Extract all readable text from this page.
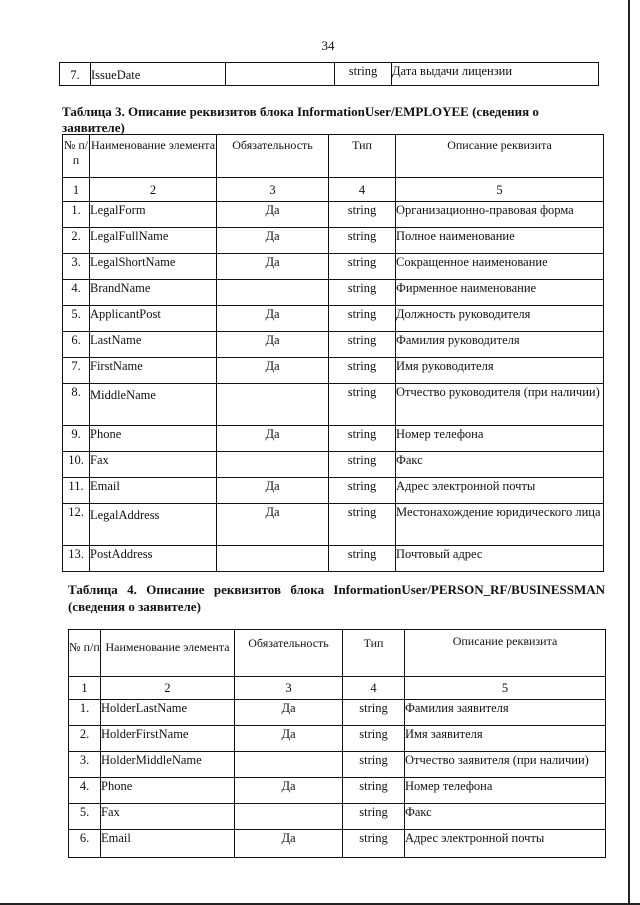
34
7.	IssueDate		string	Дата выдачи лицензии
Таблица 3. Описание реквизитов блока InformationUser/EMPLOYEE (сведения о заявителе)
№ п/п	Наименование элемента	Обязательность	Тип	Описание реквизита
1	2	3	4	5
1.	LegalForm	Да	string	Организационно-правовая форма
2.	LegalFullName	Да	string	Полное наименование
3.	LegalShortName	Да	string	Сокращенное наименование
4.	BrandName		string	Фирменное наименование
5.	ApplicantPost	Да	string	Должность руководителя
6.	LastName	Да	string	Фамилия руководителя
7.	FirstName	Да	string	Имя руководителя
8.	MiddleName		string	Отчество руководителя (при наличии)
9.	Phone	Да	string	Номер телефона
10.	Fax		string	Факс
11.	Email	Да	string	Адрес электронной почты
12.	LegalAddress	Да	string	Местонахождение юридического лица
13.	PostAddress		string	Почтовый адрес
Таблица 4. Описание реквизитов блока InformationUser/PERSON_RF/BUSINESSMAN (сведения о заявителе)
№ п/п	Наименование элемента	Обязательность	Тип	Описание реквизита
1	2	3	4	5
1.	HolderLastName	Да	string	Фамилия заявителя
2.	HolderFirstName	Да	string	Имя заявителя
3.	HolderMiddleName		string	Отчество заявителя (при наличии)
4.	Phone	Да	string	Номер телефона
5.	Fax		string	Факс
6.	Email	Да	string	Адрес электронной почты
